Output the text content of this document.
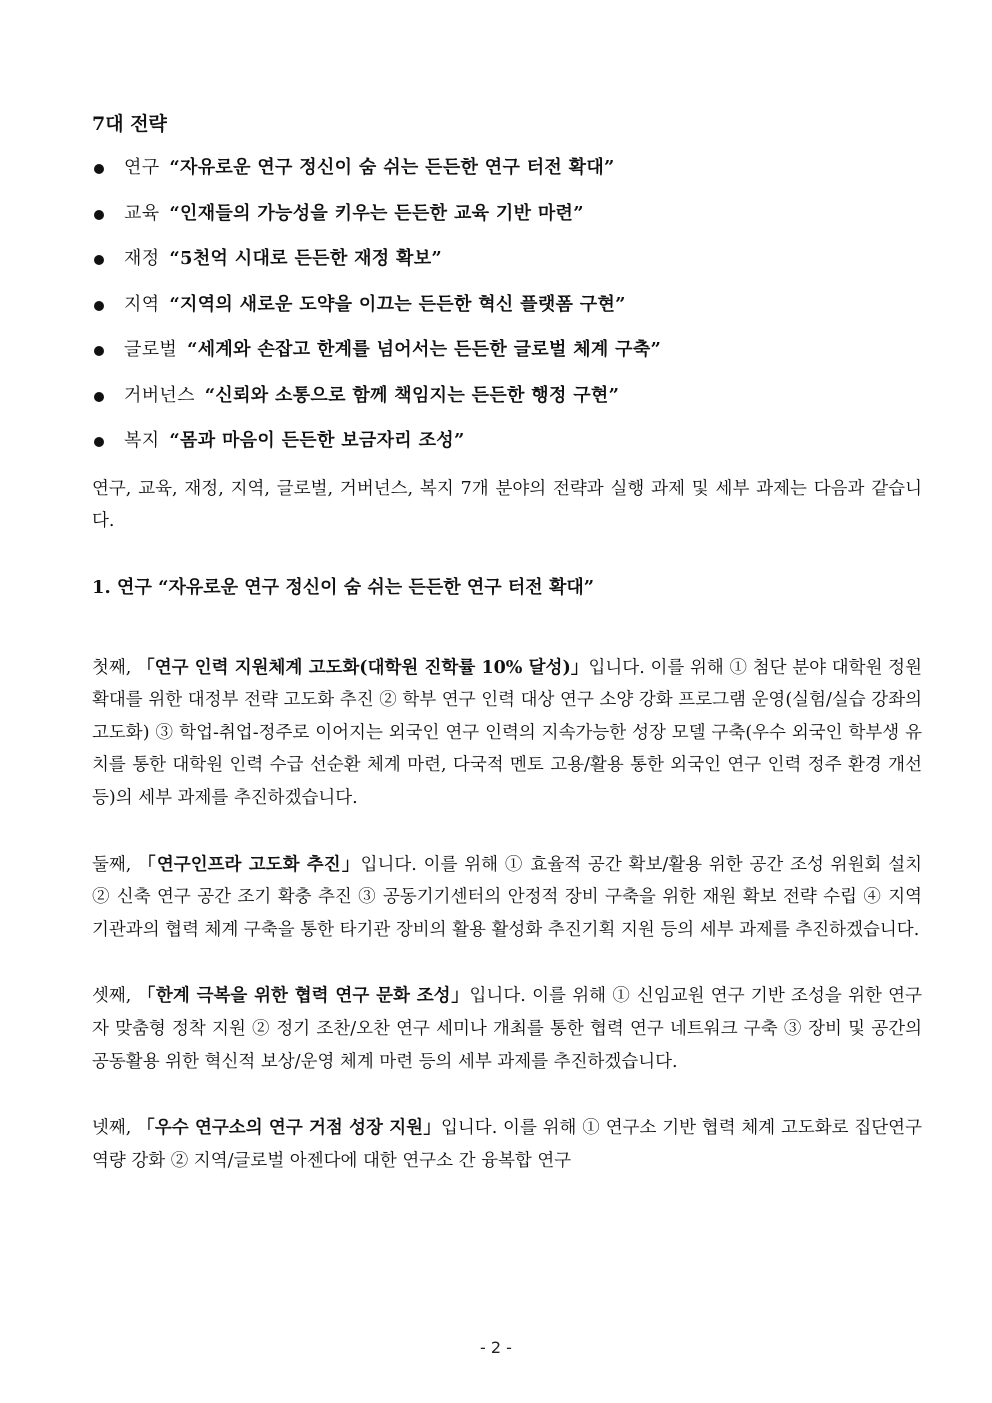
7대 전략
연구 “자유로운 연구 정신이 숨 쉬는 든든한 연구 터전 확대”
교육 “인재들의 가능성을 키우는 든든한 교육 기반 마련”
재정 “5천억 시대로 든든한 재정 확보”
지역 “지역의 새로운 도약을 이끄는 든든한 혁신 플랫폼 구현”
글로벌 “세계와 손잡고 한계를 넘어서는 든든한 글로벌 체계 구축”
거버넌스 “신뢰와 소통으로 함께 책임지는 든든한 행정 구현”
복지 “몸과 마음이 든든한 보금자리 조성”

연구, 교육, 재정, 지역, 글로벌, 거버넌스, 복지 7개 분야의 전략과 실행 과제 및 세부 과제는 다음과 같습니다.

1. 연구 “자유로운 연구 정신이 숨 쉬는 든든한 연구 터전 확대”

첫째, 「연구 인력 지원체계 고도화(대학원 진학률 10% 달성)」입니다. 이를 위해 ① 첨단 분야 대학원 정원 확대를 위한 대정부 전략 고도화 추진 ② 학부 연구 인력 대상 연구 소양 강화 프로그램 운영(실험/실습 강좌의 고도화) ③ 학업-취업-정주로 이어지는 외국인 연구 인력의 지속가능한 성장 모델 구축(우수 외국인 학부생 유치를 통한 대학원 인력 수급 선순환 체계 마련, 다국적 멘토 고용/활용 통한 외국인 연구 인력 정주 환경 개선 등)의 세부 과제를 추진하겠습니다.

둘째, 「연구인프라 고도화 추진」입니다. 이를 위해 ① 효율적 공간 확보/활용 위한 공간 조성 위원회 설치 ② 신축 연구 공간 조기 확충 추진 ③ 공동기기센터의 안정적 장비 구축을 위한 재원 확보 전략 수립 ④ 지역 기관과의 협력 체계 구축을 통한 타기관 장비의 활용 활성화 추진기획 지원 등의 세부 과제를 추진하겠습니다.

셋째, 「한계 극복을 위한 협력 연구 문화 조성」입니다. 이를 위해 ① 신임교원 연구 기반 조성을 위한 연구자 맞춤형 정착 지원 ② 정기 조찬/오찬 연구 세미나 개최를 통한 협력 연구 네트워크 구축 ③ 장비 및 공간의 공동활용 위한 혁신적 보상/운영 체계 마련 등의 세부 과제를 추진하겠습니다.

넷째, 「우수 연구소의 연구 거점 성장 지원」입니다. 이를 위해 ① 연구소 기반 협력 체계 고도화로 집단연구 역량 강화 ② 지역/글로벌 아젠다에 대한 연구소 간 융복합 연구

- 2 -
